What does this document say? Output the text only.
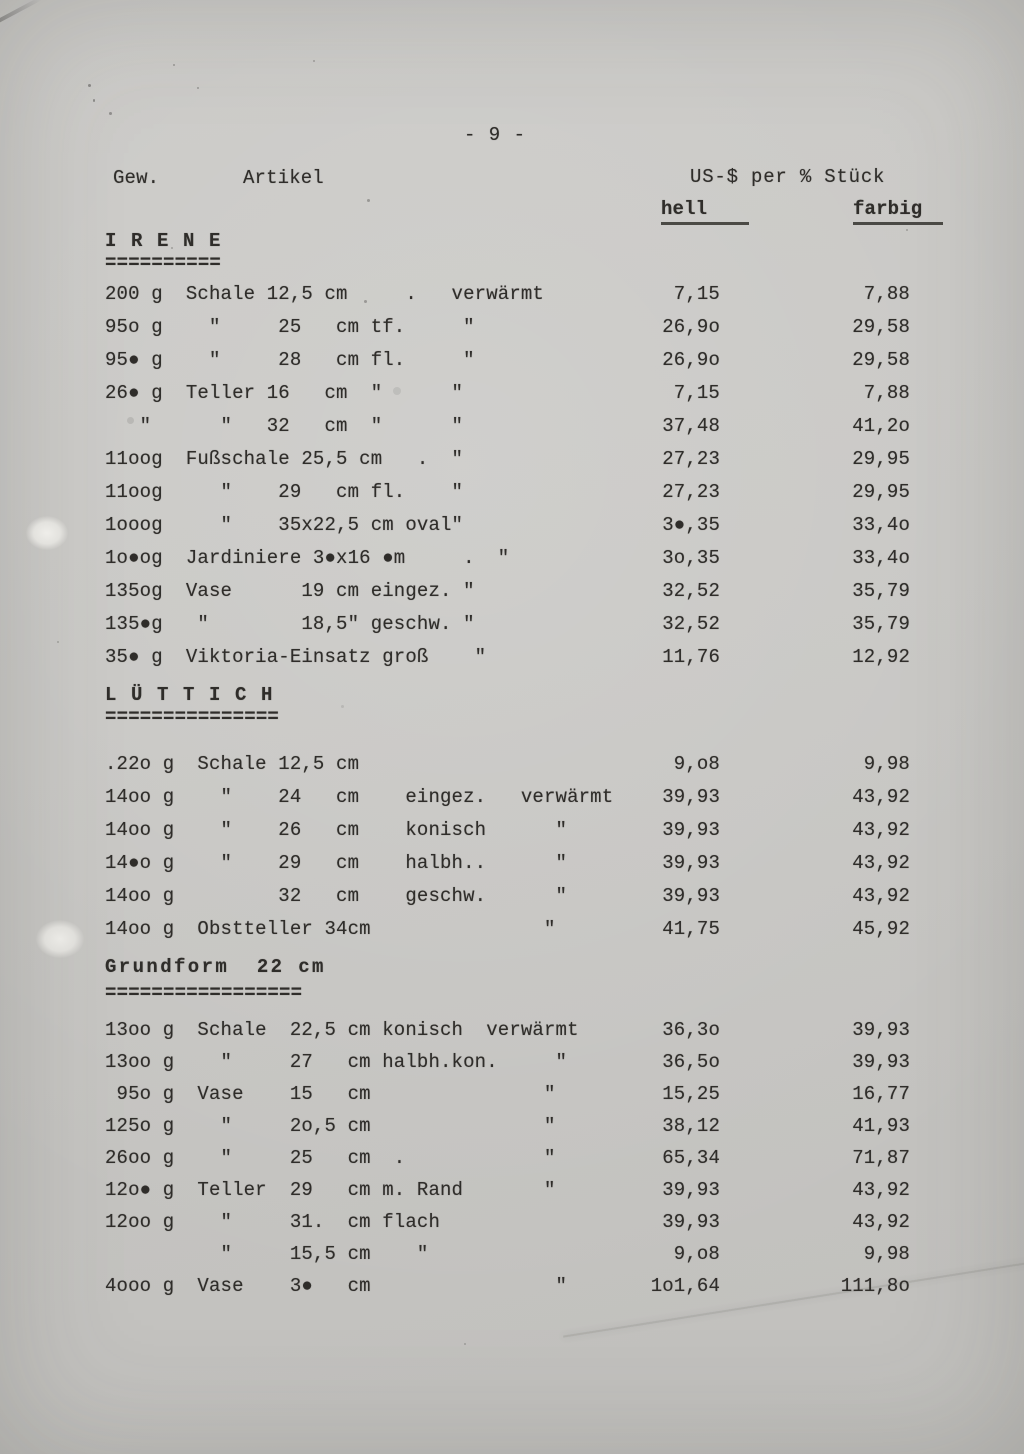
- 9 -
Gew.	Artikel	US-$ per % Stück
hell	farbig
I R E N E
==========
200 g  Schale 12,5 cm     .   verwärmt	7,15	7,88
95o g    "     25   cm tf.     "	26,9o	29,58
95● g    "     28   cm fl.     "	26,9o	29,58
26● g  Teller 16   cm  "      "	7,15	7,88
"      "   32   cm  "      "	37,48	41,2o
11oog  Fußschale 25,5 cm   .  "	27,23	29,95
11oog     "    29   cm fl.    "	27,23	29,95
1ooog     "    35x22,5 cm oval"	3●,35	33,4o
1o●og  Jardiniere 3●x16 ●m     .  "	3o,35	33,4o
135og  Vase      19 cm eingez. "	32,52	35,79
135●g   "        18,5" geschw. "	32,52	35,79
35● g  Viktoria-Einsatz groß    "	11,76	12,92
L Ü T T I C H
===============
.22o g  Schale 12,5 cm	9,o8	9,98
14oo g    "    24   cm    eingez.   verwärmt	39,93	43,92
14oo g    "    26   cm    konisch      "	39,93	43,92
14●o g    "    29   cm    halbh..      "	39,93	43,92
14oo g         32   cm    geschw.      "	39,93	43,92
14oo g  Obstteller 34cm               "	41,75	45,92
Grundform  22 cm
=================
13oo g  Schale  22,5 cm konisch  verwärmt	36,3o	39,93
13oo g    "     27   cm halbh.kon.     "	36,5o	39,93
95o g  Vase    15   cm               "	15,25	16,77
125o g    "     2o,5 cm               "	38,12	41,93
26oo g    "     25   cm  .            "	65,34	71,87
12o● g  Teller  29   cm m. Rand       "	39,93	43,92
12oo g    "     31.  cm flach	39,93	43,92
"     15,5 cm    "	9,o8	9,98
4ooo g  Vase    3●   cm                "	1o1,64	111,8o
